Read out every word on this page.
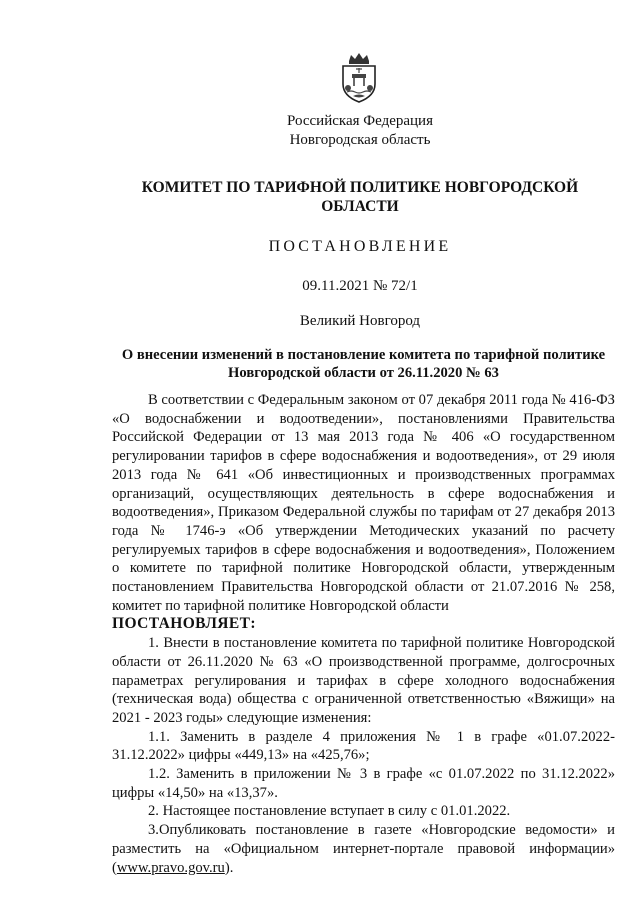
Российская Федерация
Новгородская область
КОМИТЕТ ПО ТАРИФНОЙ ПОЛИТИКЕ НОВГОРОДСКОЙ ОБЛАСТИ
ПОСТАНОВЛЕНИЕ
09.11.2021 № 72/1
Великий Новгород
О внесении изменений в постановление комитета по тарифной политике Новгородской области от 26.11.2020 № 63

В соответствии с Федеральным законом от 07 декабря 2011 года № 416-ФЗ «О водоснабжении и водоотведении», постановлениями Правительства Российской Федерации от 13 мая 2013 года № 406 «О государственном регулировании тарифов в сфере водоснабжения и водоотведения», от 29 июля 2013 года № 641 «Об инвестиционных и производственных программах организаций, осуществляющих деятельность в сфере водоснабжения и водоотведения», Приказом Федеральной службы по тарифам от 27 декабря 2013 года № 1746-э «Об утверждении Методических указаний по расчету регулируемых тарифов в сфере водоснабжения и водоотведения», Положением о комитете по тарифной политике Новгородской области, утвержденным постановлением Правительства Новгородской области от 21.07.2016 № 258, комитет по тарифной политике Новгородской области

ПОСТАНОВЛЯЕТ:

1. Внести в постановление комитета по тарифной политике Новгородской области от 26.11.2020 № 63 «О производственной программе, долгосрочных параметрах регулирования и тарифах в сфере холодного водоснабжения (техническая вода) общества с ограниченной ответственностью «Вяжищи» на 2021 - 2023 годы» следующие изменения:

1.1. Заменить в разделе 4 приложения № 1 в графе «01.07.2022-31.12.2022» цифры «449,13» на «425,76»;

1.2. Заменить в приложении № 3 в графе «с 01.07.2022 по 31.12.2022» цифры «14,50» на «13,37».

2. Настоящее постановление вступает в силу с 01.01.2022.

3.Опубликовать постановление в газете «Новгородские ведомости» и разместить на «Официальном интернет-портале правовой информации» (www.pravo.gov.ru).
